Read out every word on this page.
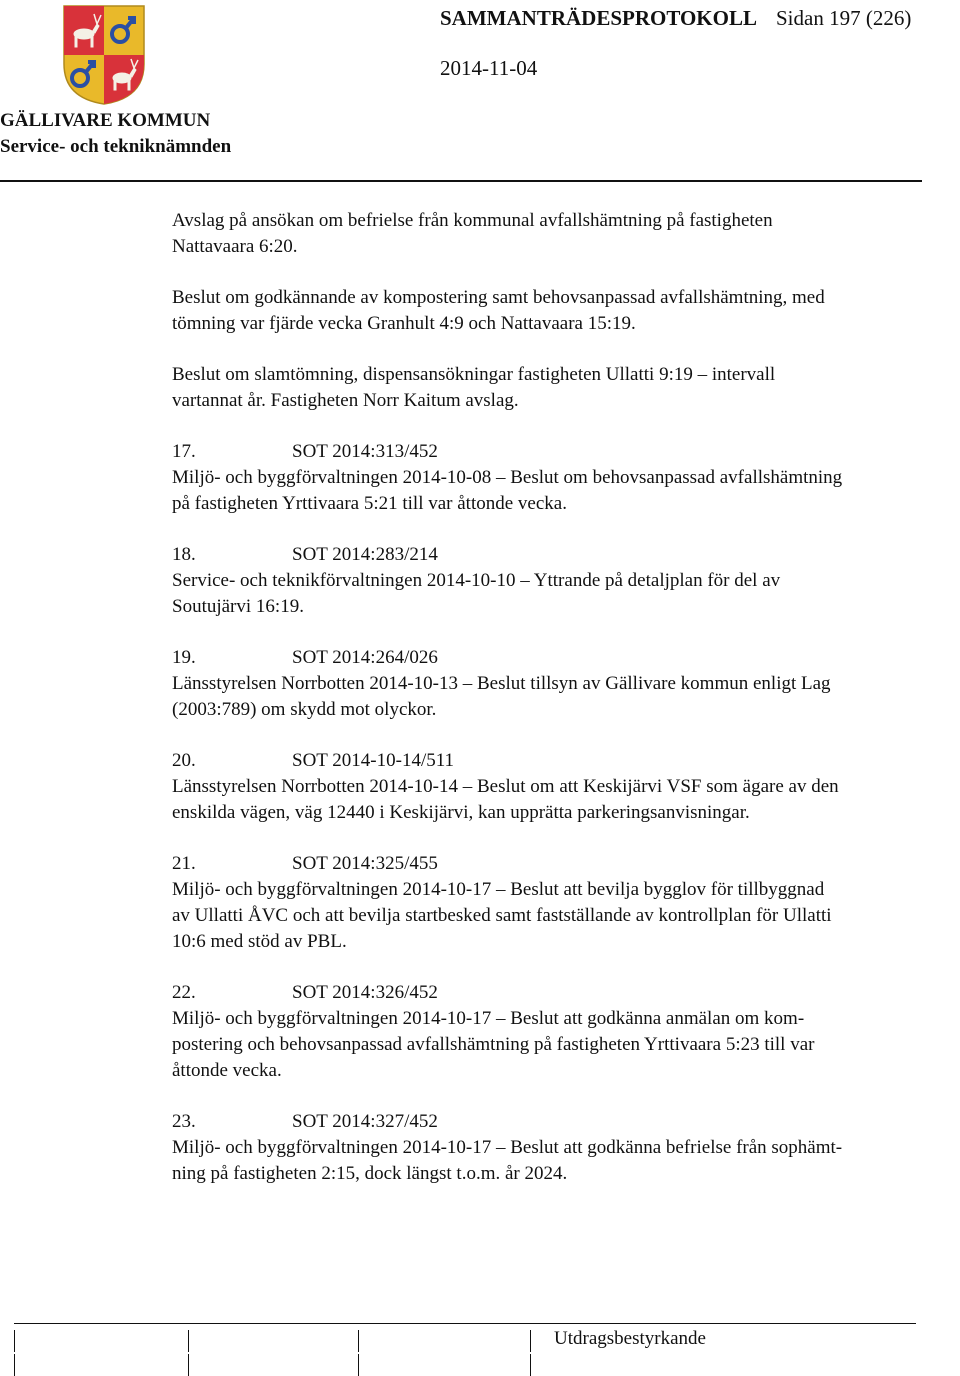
GÄLLIVARE KOMMUN
Service- och tekniknämnden
SAMMANTRÄDESPROTOKOLL Sidan 197 (226)
2014-11-04

Avslag på ansökan om befrielse från kommunal avfallshämtning på fastigheten
Nattavaara 6:20.

Beslut om godkännande av kompostering samt behovsanpassad avfallshämtning, med
tömning var fjärde vecka Granhult 4:9 och Nattavaara 15:19.

Beslut om slamtömning, dispensansökningar fastigheten Ullatti 9:19 – intervall
vartannat år. Fastigheten Norr Kaitum avslag.

17.	SOT 2014:313/452
Miljö- och byggförvaltningen 2014-10-08 – Beslut om behovsanpassad avfallshämtning
på fastigheten Yrttivaara 5:21 till var åttonde vecka.
18.	SOT 2014:283/214
Service- och teknikförvaltningen 2014-10-10 – Yttrande på detaljplan för del av
Soutujärvi 16:19.
19.	SOT 2014:264/026
Länsstyrelsen Norrbotten 2014-10-13 – Beslut tillsyn av Gällivare kommun enligt Lag
(2003:789) om skydd mot olyckor.
20.	SOT 2014-10-14/511
Länsstyrelsen Norrbotten 2014-10-14 – Beslut om att Keskijärvi VSF som ägare av den
enskilda vägen, väg 12440 i Keskijärvi, kan upprätta parkeringsanvisningar.
21.	SOT 2014:325/455
Miljö- och byggförvaltningen 2014-10-17 – Beslut att bevilja bygglov för tillbyggnad
av Ullatti ÅVC och att bevilja startbesked samt fastställande av kontrollplan för Ullatti
10:6 med stöd av PBL.
22.	SOT 2014:326/452
Miljö- och byggförvaltningen 2014-10-17 – Beslut att godkänna anmälan om kom-
postering och behovsanpassad avfallshämtning på fastigheten Yrttivaara 5:23 till var
åttonde vecka.
23.	SOT 2014:327/452
Miljö- och byggförvaltningen 2014-10-17 – Beslut att godkänna befrielse från sophämt-
ning på fastigheten 2:15, dock längst t.o.m. år 2024.
Utdragsbestyrkande
